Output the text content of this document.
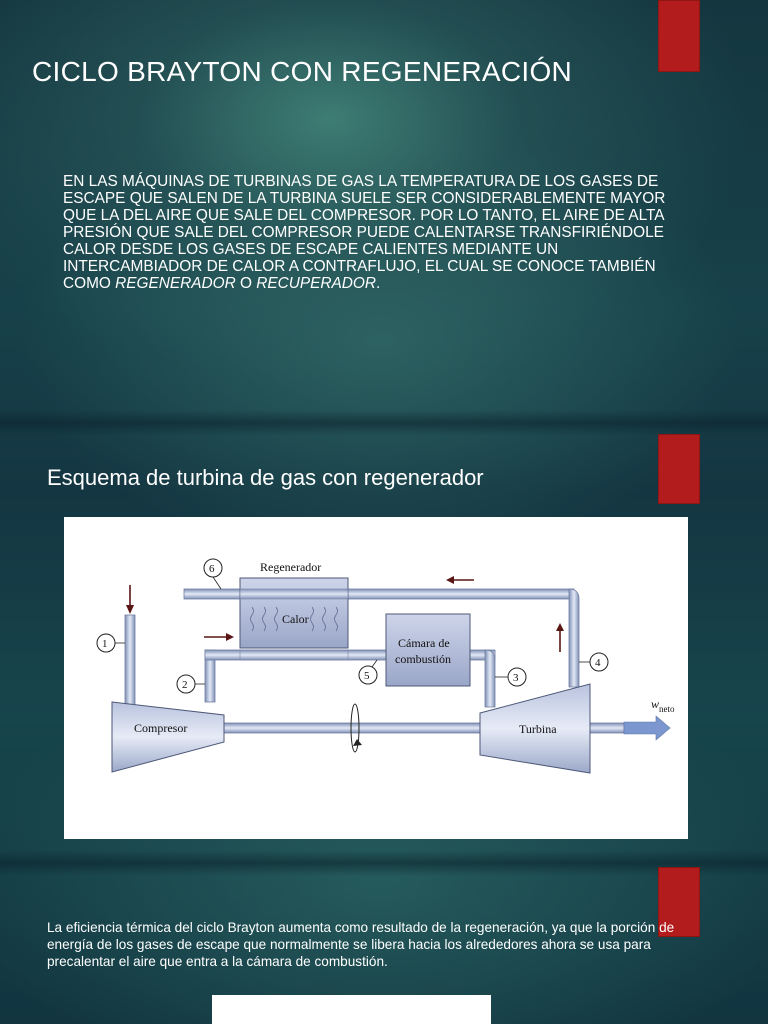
CICLO BRAYTON CON REGENERACIÓN

EN LAS MÁQUINAS DE TURBINAS DE GAS LA TEMPERATURA DE LOS GASES DE ESCAPE QUE SALEN DE LA TURBINA SUELE SER CONSIDERABLEMENTE MAYOR QUE LA DEL AIRE QUE SALE DEL COMPRESOR. POR LO TANTO, EL AIRE DE ALTA PRESIÓN QUE SALE DEL COMPRESOR PUEDE CALENTARSE TRANSFIRIÉNDOLE CALOR DESDE LOS GASES DE ESCAPE CALIENTES MEDIANTE UN INTERCAMBIADOR DE CALOR A CONTRAFLUJO, EL CUAL SE CONOCE TAMBIÉN COMO REGENERADOR O RECUPERADOR.

Esquema de turbina de gas con regenerador
Regenerador
Calor
Cámara de
combustión
Compresor	Turbina
$w_{neto}$
1
2
3
4
5
6

La eficiencia térmica del ciclo Brayton aumenta como resultado de la regeneración, ya que la porción de energía de los gases de escape que normalmente se libera hacia los alrededores ahora se usa para precalentar el aire que entra a la cámara de combustión.
